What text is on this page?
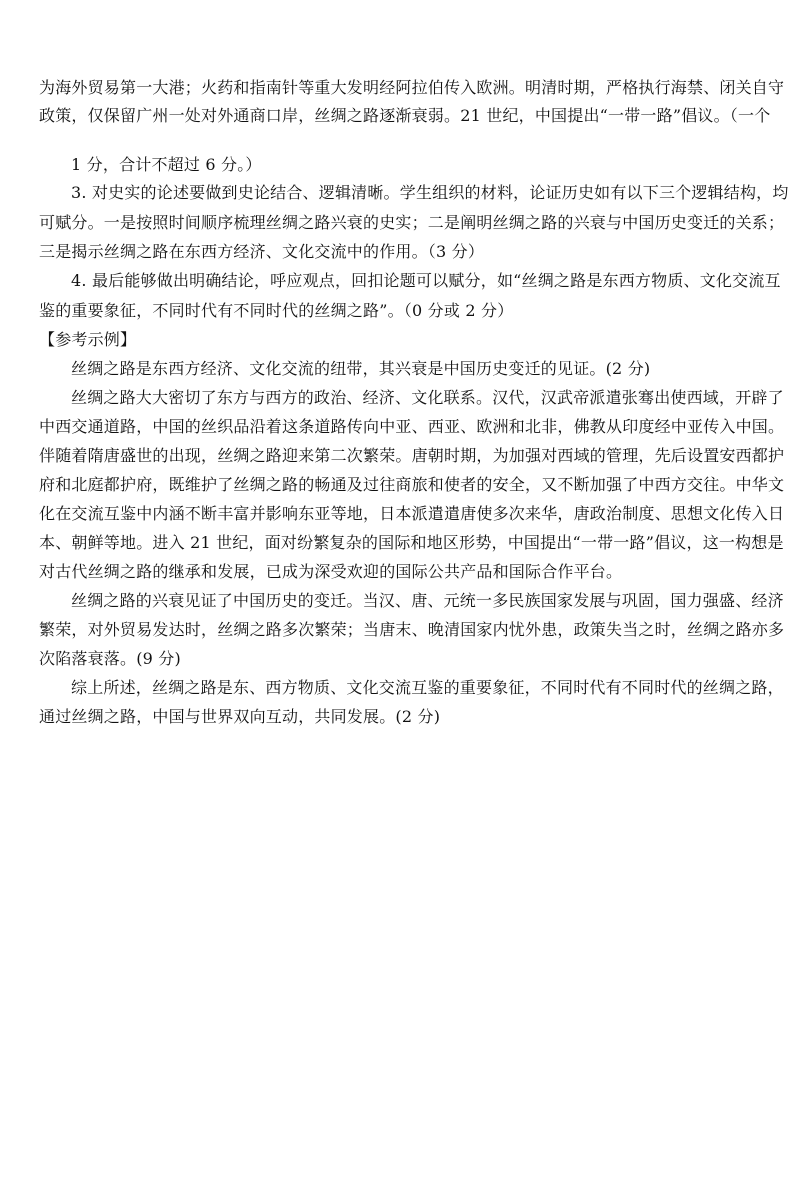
为海外贸易第一大港；火药和指南针等重大发明经阿拉伯传入欧洲。明清时期，严格执行海禁、闭关自守
政策，仅保留广州一处对外通商口岸，丝绸之路逐渐衰弱。21 世纪，中国提出“一带一路”倡议。（一个
1 分，合计不超过 6 分。）
3. 对史实的论述要做到史论结合、逻辑清晰。学生组织的材料，论证历史如有以下三个逻辑结构，均
可赋分。一是按照时间顺序梳理丝绸之路兴衰的史实；二是阐明丝绸之路的兴衰与中国历史变迁的关系；
三是揭示丝绸之路在东西方经济、文化交流中的作用。（3 分）
4. 最后能够做出明确结论，呼应观点，回扣论题可以赋分，如“丝绸之路是东西方物质、文化交流互
鉴的重要象征，不同时代有不同时代的丝绸之路”。（0 分或 2 分）
【参考示例】
丝绸之路是东西方经济、文化交流的纽带，其兴衰是中国历史变迁的见证。(2 分)
丝绸之路大大密切了东方与西方的政治、经济、文化联系。汉代，汉武帝派遣张骞出使西域，开辟了
中西交通道路，中国的丝织品沿着这条道路传向中亚、西亚、欧洲和北非，佛教从印度经中亚传入中国。
伴随着隋唐盛世的出现，丝绸之路迎来第二次繁荣。唐朝时期，为加强对西域的管理，先后设置安西都护
府和北庭都护府，既维护了丝绸之路的畅通及过往商旅和使者的安全，又不断加强了中西方交往。中华文
化在交流互鉴中内涵不断丰富并影响东亚等地，日本派遣遣唐使多次来华，唐政治制度、思想文化传入日
本、朝鲜等地。进入 21 世纪，面对纷繁复杂的国际和地区形势，中国提出“一带一路”倡议，这一构想是
对古代丝绸之路的继承和发展，已成为深受欢迎的国际公共产品和国际合作平台。
丝绸之路的兴衰见证了中国历史的变迁。当汉、唐、元统一多民族国家发展与巩固，国力强盛、经济
繁荣，对外贸易发达时，丝绸之路多次繁荣；当唐末、晚清国家内忧外患，政策失当之时，丝绸之路亦多
次陷落衰落。(9 分)
综上所述，丝绸之路是东、西方物质、文化交流互鉴的重要象征，不同时代有不同时代的丝绸之路，
通过丝绸之路，中国与世界双向互动，共同发展。(2 分)
